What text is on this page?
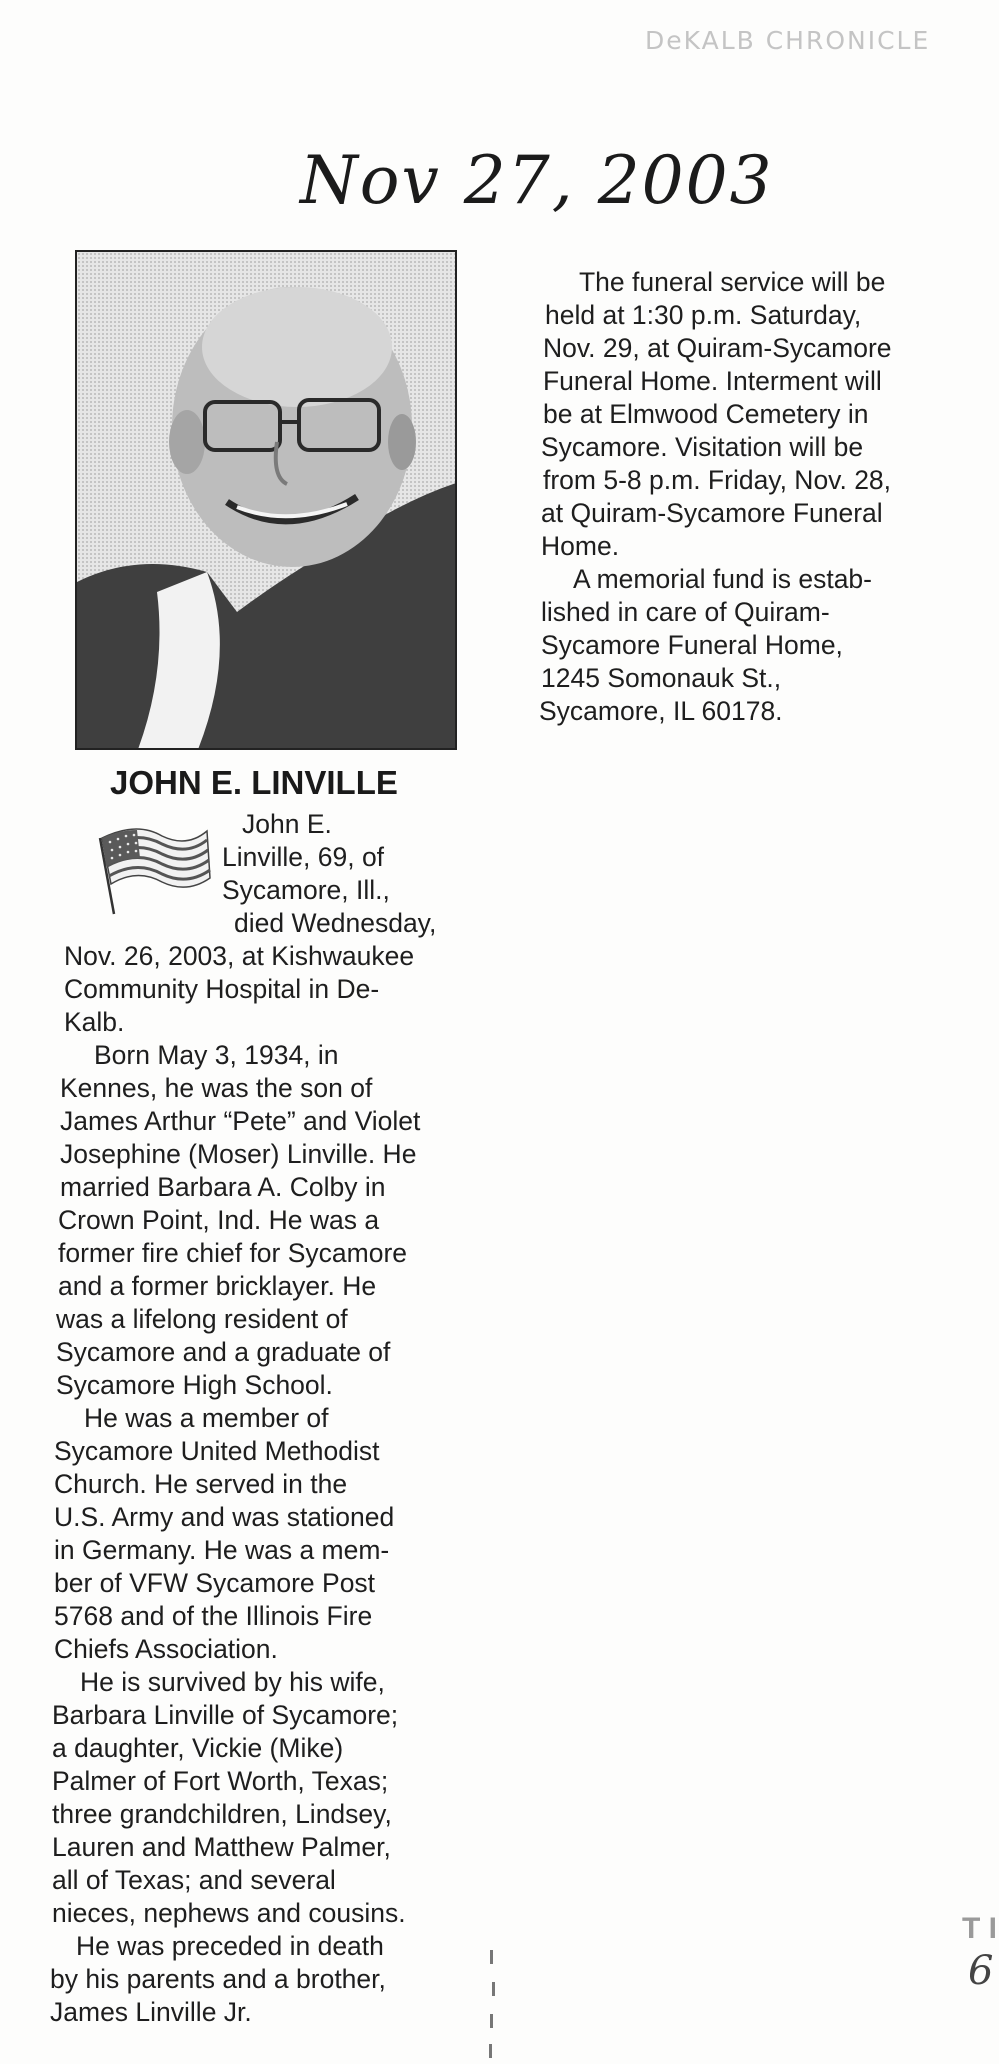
DeKALB CHRONICLE
Nov 27, 2003
JOHN E. LINVILLE
John E.
Linville, 69, of
Sycamore, Ill.,
died Wednesday,
Nov. 26, 2003, at Kishwaukee
Community Hospital in De-
Kalb.
Born May 3, 1934, in
Kennes, he was the son of
James Arthur “Pete” and Violet
Josephine (Moser) Linville. He
married Barbara A. Colby in
Crown Point, Ind. He was a
former fire chief for Sycamore
and a former bricklayer. He
was a lifelong resident of
Sycamore and a graduate of
Sycamore High School.
He was a member of
Sycamore United Methodist
Church. He served in the
U.S. Army and was stationed
in Germany. He was a mem-
ber of VFW Sycamore Post
5768 and of the Illinois Fire
Chiefs Association.
He is survived by his wife,
Barbara Linville of Sycamore;
a daughter, Vickie (Mike)
Palmer of Fort Worth, Texas;
three grandchildren, Lindsey,
Lauren and Matthew Palmer,
all of Texas; and several
nieces, nephews and cousins.
He was preceded in death
by his parents and a brother,
James Linville Jr.
The funeral service will be
held at 1:30 p.m. Saturday,
Nov. 29, at Quiram-Sycamore
Funeral Home. Interment will
be at Elmwood Cemetery in
Sycamore. Visitation will be
from 5-8 p.m. Friday, Nov. 28,
at Quiram-Sycamore Funeral
Home.
A memorial fund is estab-
lished in care of Quiram-
Sycamore Funeral Home,
1245 Somonauk St.,
Sycamore, IL 60178.
T I
6
